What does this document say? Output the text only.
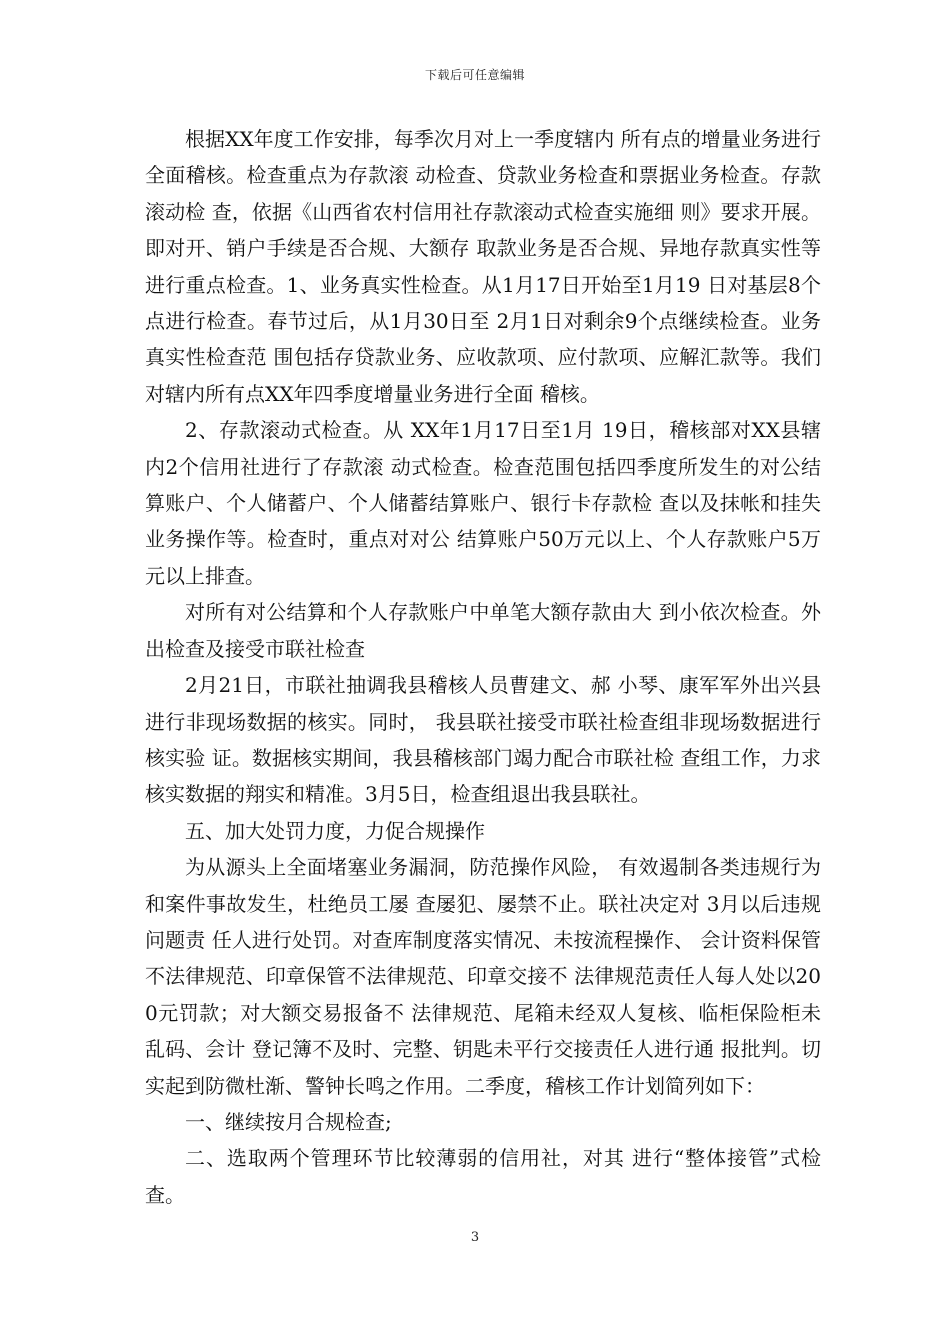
下载后可任意编辑

根据XX年度工作安排，每季次月对上一季度辖内 所有点的增量业务进行全面稽核。检查重点为存款滚 动检查、贷款业务检查和票据业务检查。存款滚动检 查，依据《山西省农村信用社存款滚动式检查实施细 则》要求开展。即对开、销户手续是否合规、大额存 取款业务是否合规、异地存款真实性等进行重点检查。1、业务真实性检查。从1月17日开始至1月19 日对基层8个点进行检查。春节过后，从1月30日至 2月1日对剩余9个点继续检查。业务真实性检查范 围包括存贷款业务、应收款项、应付款项、应解汇款等。我们对辖内所有点XX年四季度增量业务进行全面 稽核。

2、存款滚动式检查。从 XX年1月17日至1月 19日，稽核部对XX县辖内2个信用社进行了存款滚 动式检查。检查范围包括四季度所发生的对公结算账户、个人储蓄户、个人储蓄结算账户、银行卡存款检 查以及抹帐和挂失业务操作等。检查时，重点对对公 结算账户50万元以上、个人存款账户5万元以上排查。

对所有对公结算和个人存款账户中单笔大额存款由大 到小依次检查。外出检查及接受市联社检查

2月21日，市联社抽调我县稽核人员曹建文、郝 小琴、康军军外出兴县进行非现场数据的核实。同时， 我县联社接受市联社检查组非现场数据进行核实验 证。数据核实期间，我县稽核部门竭力配合市联社检 查组工作，力求核实数据的翔实和精准。3月5日，检查组退出我县联社。

五、加大处罚力度，力促合规操作

为从源头上全面堵塞业务漏洞，防范操作风险， 有效遏制各类违规行为和案件事故发生，杜绝员工屡 查屡犯、屡禁不止。联社决定对 3月以后违规问题责 任人进行处罚。对查库制度落实情况、未按流程操作、 会计资料保管不法律规范、印章保管不法律规范、印章交接不 法律规范责任人每人处以200元罚款；对大额交易报备不 法律规范、尾箱未经双人复核、临柜保险柜未乱码、会计 登记簿不及时、完整、钥匙未平行交接责任人进行通 报批判。切实起到防微杜渐、警钟长鸣之作用。二季度，稽核工作计划简列如下：

一、继续按月合规检查;

二、选取两个管理环节比较薄弱的信用社，对其 进行“整体接管”式检查。

3
